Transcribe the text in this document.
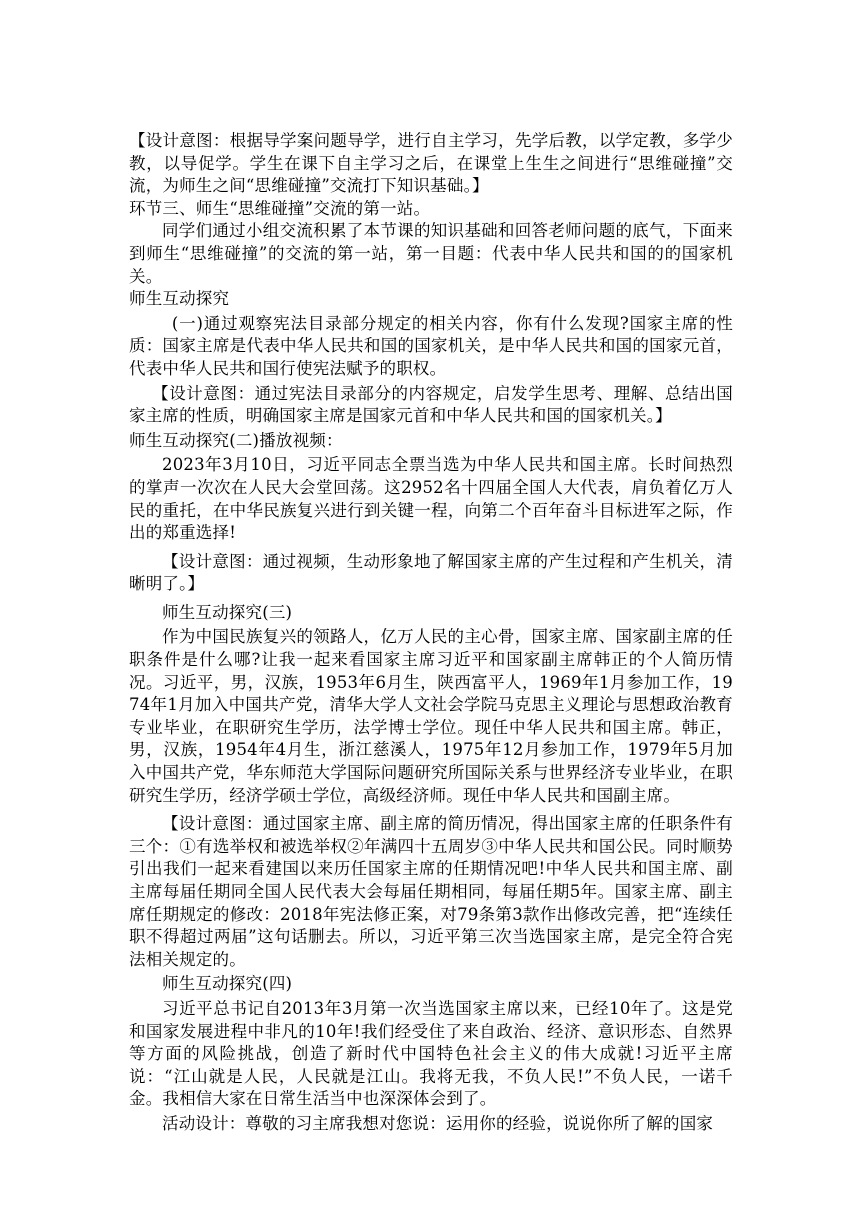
【设计意图：根据导学案问题导学，进行自主学习，先学后教，以学定教，多学少教，以导促学。学生在课下自主学习之后，在课堂上生生之间进行“思维碰撞”交流，为师生之间“思维碰撞”交流打下知识基础。】

环节三、师生“思维碰撞”交流的第一站。

同学们通过小组交流积累了本节课的知识基础和回答老师问题的底气，下面来到师生“思维碰撞”的交流的第一站，第一目题：代表中华人民共和国的的国家机关。

师生互动探究

(一)通过观察宪法目录部分规定的相关内容，你有什么发现?国家主席的性质：国家主席是代表中华人民共和国的国家机关，是中华人民共和国的国家元首，代表中华人民共和国行使宪法赋予的职权。

【设计意图：通过宪法目录部分的内容规定，启发学生思考、理解、总结出国家主席的性质，明确国家主席是国家元首和中华人民共和国的国家机关。】

师生互动探究(二)播放视频：

2023年3月10日，习近平同志全票当选为中华人民共和国主席。长时间热烈的掌声一次次在人民大会堂回荡。这2952名十四届全国人大代表，肩负着亿万人民的重托，在中华民族复兴进行到关键一程，向第二个百年奋斗目标进军之际，作出的郑重选择!

【设计意图：通过视频，生动形象地了解国家主席的产生过程和产生机关，清晰明了。】

师生互动探究(三)

作为中国民族复兴的领路人，亿万人民的主心骨，国家主席、国家副主席的任职条件是什么哪?让我一起来看国家主席习近平和国家副主席韩正的个人简历情况。习近平，男，汉族，1953年6月生，陕西富平人，1969年1月参加工作，1974年1月加入中国共产党，清华大学人文社会学院马克思主义理论与思想政治教育专业毕业，在职研究生学历，法学博士学位。现任中华人民共和国主席。韩正，男，汉族，1954年4月生，浙江慈溪人，1975年12月参加工作，1979年5月加入中国共产党，华东师范大学国际问题研究所国际关系与世界经济专业毕业，在职研究生学历，经济学硕士学位，高级经济师。现任中华人民共和国副主席。

【设计意图：通过国家主席、副主席的简历情况，得出国家主席的任职条件有三个：①有选举权和被选举权②年满四十五周岁③中华人民共和国公民。同时顺势引出我们一起来看建国以来历任国家主席的任期情况吧!中华人民共和国主席、副主席每届任期同全国人民代表大会每届任期相同，每届任期5年。国家主席、副主席任期规定的修改：2018年宪法修正案，对79条第3款作出修改完善，把“连续任职不得超过两届”这句话删去。所以，习近平第三次当选国家主席，是完全符合宪法相关规定的。

师生互动探究(四)

习近平总书记自2013年3月第一次当选国家主席以来，已经10年了。这是党和国家发展进程中非凡的10年!我们经受住了来自政治、经济、意识形态、自然界等方面的风险挑战，创造了新时代中国特色社会主义的伟大成就!习近平主席说：“江山就是人民，人民就是江山。我将无我，不负人民!”不负人民，一诺千金。我相信大家在日常生活当中也深深体会到了。

活动设计：尊敬的习主席我想对您说：运用你的经验，说说你所了解的国家
